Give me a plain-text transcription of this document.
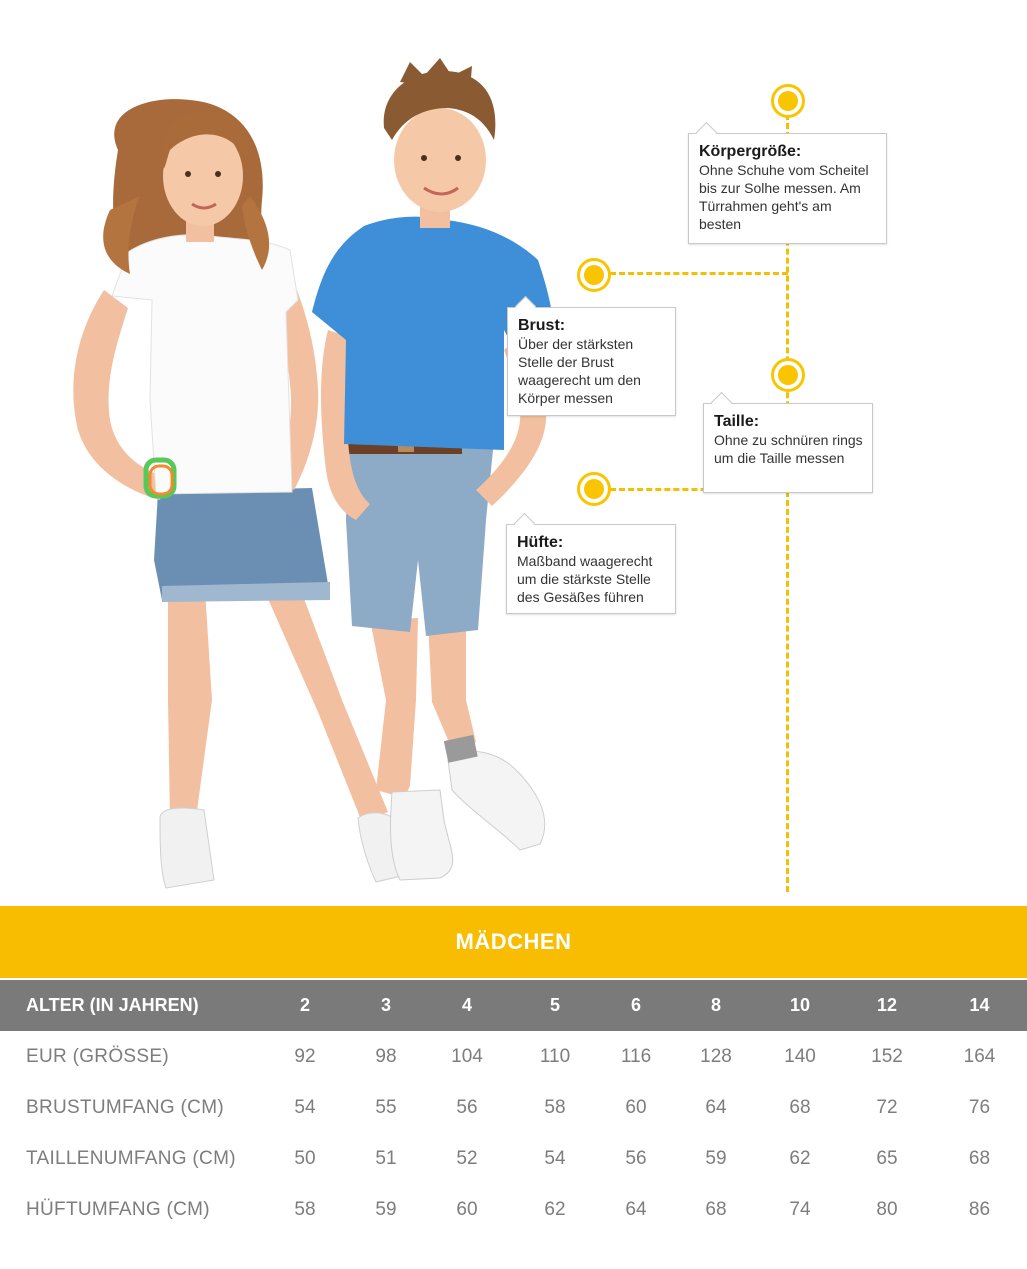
Körpergröße:
Ohne Schuhe vom Scheitel bis zur Solhe messen. Am Türrahmen geht's am besten
Brust:
Über der stärksten Stelle der Brust waagerecht um den Körper messen
Taille:
Ohne zu schnüren rings um die Taille messen
Hüfte:
Maßband waagerecht um die stärkste Stelle des Gesäßes führen
MÄDCHEN
ALTER (IN JAHREN)	2	3	4	5	6	8	10	12	14
EUR (GRÖSSE)	92	98	104	110	116	128	140	152	164
BRUSTUMFANG (CM)	54	55	56	58	60	64	68	72	76
TAILLENUMFANG (CM)	50	51	52	54	56	59	62	65	68
HÜFTUMFANG (CM)	58	59	60	62	64	68	74	80	86
